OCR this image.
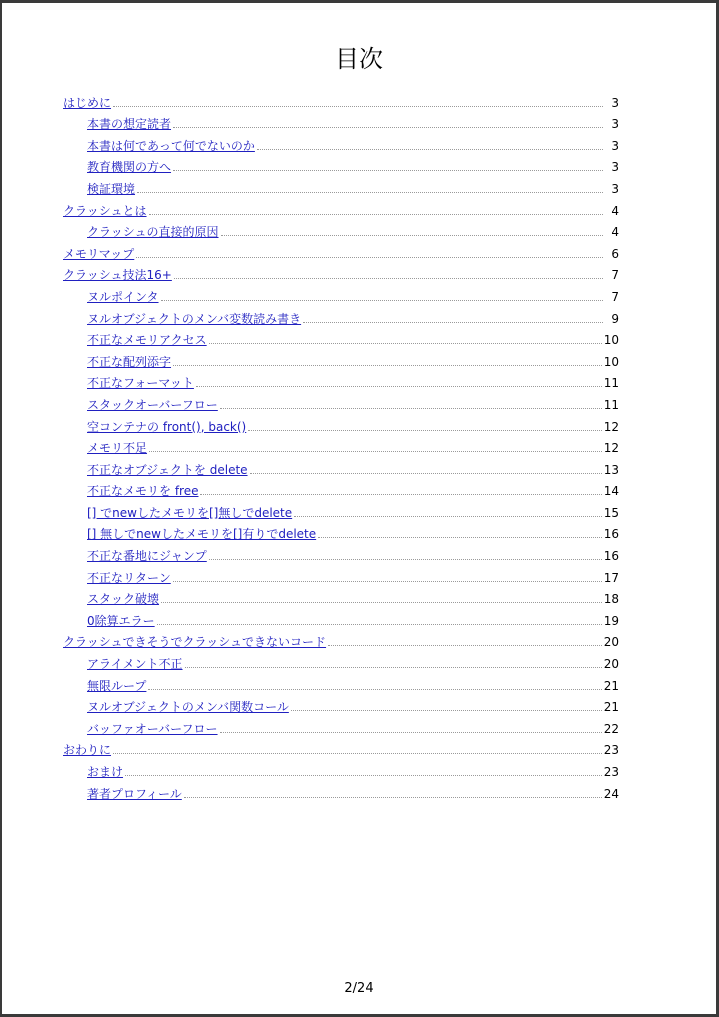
目次
はじめに	3
本書の想定読者	3
本書は何であって何でないのか	3
教育機関の方へ	3
検証環境	3
クラッシュとは	4
クラッシュの直接的原因	4
メモリマップ	6
クラッシュ技法16+	7
ヌルポインタ	7
ヌルオブジェクトのメンバ変数読み書き	9
不正なメモリアクセス	10
不正な配列添字	10
不正なフォーマット	11
スタックオーバーフロー	11
空コンテナの front(), back()	12
メモリ不足	12
不正なオブジェクトを delete	13
不正なメモリを free	14
[] でnewしたメモリを[]無しでdelete	15
[] 無しでnewしたメモリを[]有りでdelete	16
不正な番地にジャンプ	16
不正なリターン	17
スタック破壊	18
0除算エラー	19
クラッシュできそうでクラッシュできないコード	20
アライメント不正	20
無限ループ	21
ヌルオブジェクトのメンバ関数コール	21
バッファオーバーフロー	22
おわりに	23
おまけ	23
著者プロフィール	24
2/24
